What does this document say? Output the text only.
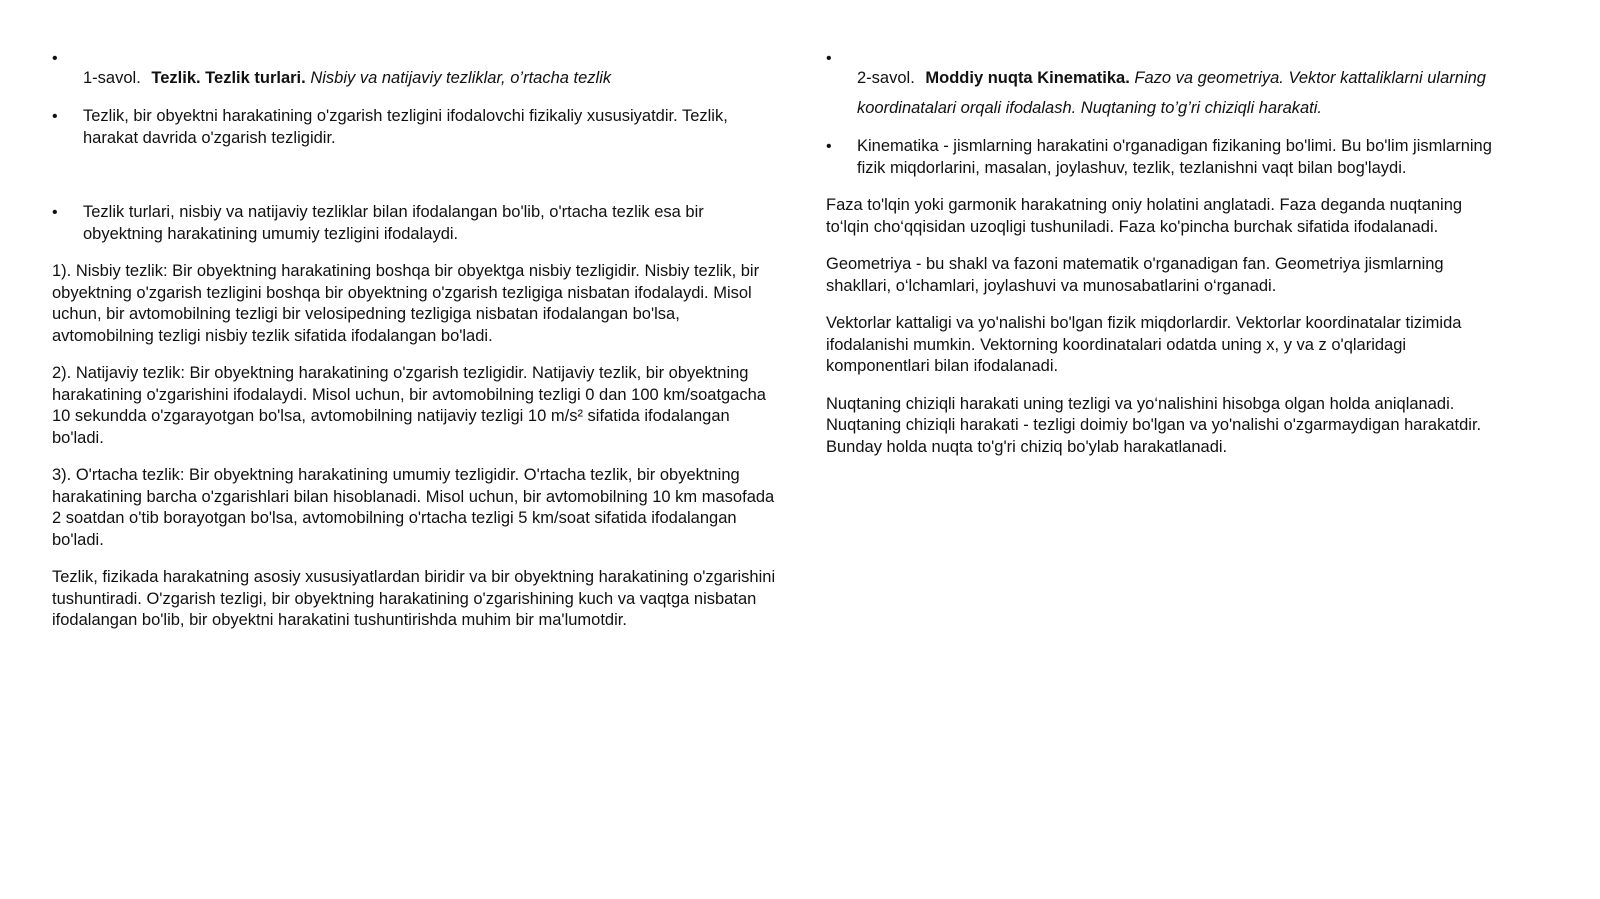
•
1-savol. Tezlik. Tezlik turlari. Nisbiy va natijaviy tezliklar, o’rtacha tezlik
• Tezlik, bir obyektni harakatining o'zgarish tezligini ifodalovchi fizikaliy xususiyatdir. Tezlik, harakat davrida o'zgarish tezligidir.
• Tezlik turlari, nisbiy va natijaviy tezliklar bilan ifodalangan bo'lib, o'rtacha tezlik esa bir obyektning harakatining umumiy tezligini ifodalaydi.

1). Nisbiy tezlik: Bir obyektning harakatining boshqa bir obyektga nisbiy tezligidir. Nisbiy tezlik, bir obyektning o'zgarish tezligini boshqa bir obyektning o'zgarish tezligiga nisbatan ifodalaydi. Misol uchun, bir avtomobilning tezligi bir velosipedning tezligiga nisbatan ifodalangan bo'lsa, avtomobilning tezligi nisbiy tezlik sifatida ifodalangan bo'ladi.

2). Natijaviy tezlik: Bir obyektning harakatining o'zgarish tezligidir. Natijaviy tezlik, bir obyektning harakatining o'zgarishini ifodalaydi. Misol uchun, bir avtomobilning tezligi 0 dan 100 km/soatgacha 10 sekundda o'zgarayotgan bo'lsa, avtomobilning natijaviy tezligi 10 m/s² sifatida ifodalangan bo'ladi.

3). O'rtacha tezlik: Bir obyektning harakatining umumiy tezligidir. O'rtacha tezlik, bir obyektning harakatining barcha o'zgarishlari bilan hisoblanadi. Misol uchun, bir avtomobilning 10 km masofada 2 soatdan o'tib borayotgan bo'lsa, avtomobilning o'rtacha tezligi 5 km/soat sifatida ifodalangan bo'ladi.

Tezlik, fizikada harakatning asosiy xususiyatlardan biridir va bir obyektning harakatining o'zgarishini tushuntiradi. O'zgarish tezligi, bir obyektning harakatining o'zgarishining kuch va vaqtga nisbatan ifodalangan bo'lib, bir obyektni harakatini tushuntirishda muhim bir ma'lumotdir.

•
2-savol. Moddiy nuqta Kinematika. Fazo va geometriya. Vektor kattaliklarni ularning koordinatalari orqali ifodalash. Nuqtaning to’g’ri chiziqli harakati.
• Kinematika - jismlarning harakatini o'rganadigan fizikaning bo'limi. Bu bo'lim jismlarning fizik miqdorlarini, masalan, joylashuv, tezlik, tezlanishni vaqt bilan bog'laydi.

Faza to'lqin yoki garmonik harakatning oniy holatini anglatadi. Faza deganda nuqtaning to‘lqin cho‘qqisidan uzoqligi tushuniladi. Faza ko'pincha burchak sifatida ifodalanadi.

Geometriya - bu shakl va fazoni matematik o'rganadigan fan. Geometriya jismlarning shakllari, o‘lchamlari, joylashuvi va munosabatlarini o‘rganadi.

Vektorlar kattaligi va yo'nalishi bo'lgan fizik miqdorlardir. Vektorlar koordinatalar tizimida ifodalanishi mumkin. Vektorning koordinatalari odatda uning x, y va z o'qlaridagi komponentlari bilan ifodalanadi.

Nuqtaning chiziqli harakati uning tezligi va yo‘nalishini hisobga olgan holda aniqlanadi. Nuqtaning chiziqli harakati - tezligi doimiy bo'lgan va yo'nalishi o'zgarmaydigan harakatdir. Bunday holda nuqta to'g'ri chiziq bo'ylab harakatlanadi.
